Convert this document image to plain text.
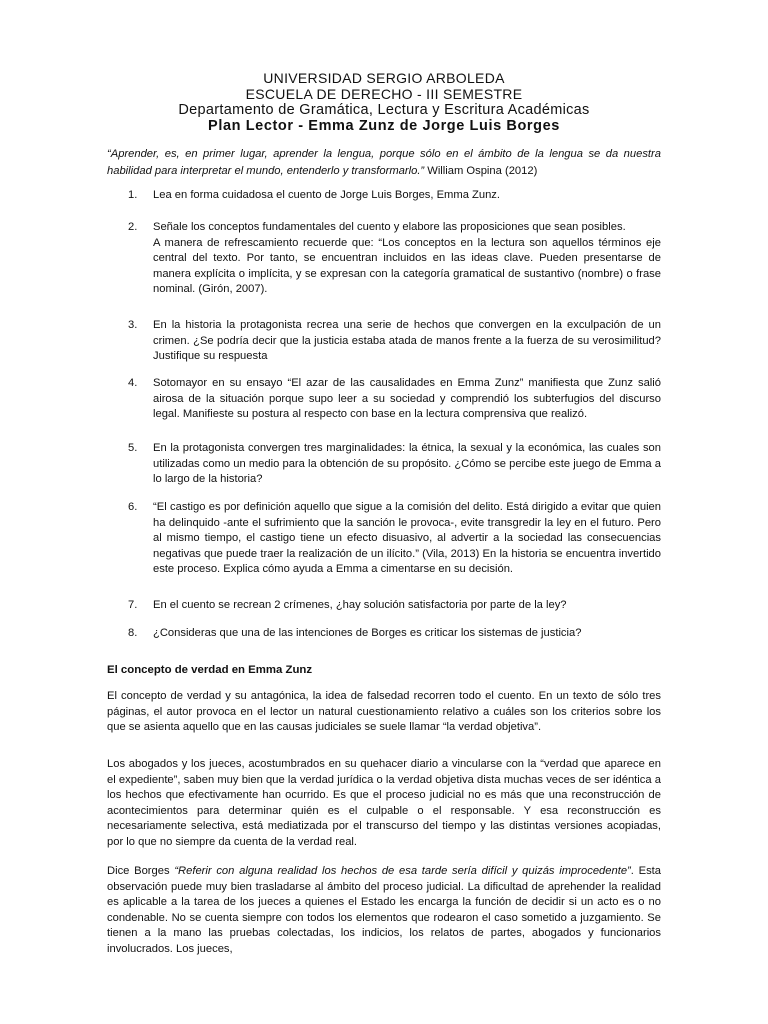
UNIVERSIDAD SERGIO ARBOLEDA
ESCUELA DE DERECHO - III SEMESTRE
Departamento de Gramática, Lectura y Escritura Académicas
Plan Lector - Emma Zunz de Jorge Luis Borges
“Aprender, es, en primer lugar, aprender la lengua, porque sólo en el ámbito de la lengua se da nuestra habilidad para interpretar el mundo, entenderlo y transformarlo.” William Ospina (2012)
1. Lea en forma cuidadosa el cuento de Jorge Luis Borges, Emma Zunz.
2. Señale los conceptos fundamentales del cuento y elabore las proposiciones que sean posibles.
A manera de refrescamiento recuerde que: “Los conceptos en la lectura son aquellos términos eje central del texto. Por tanto, se encuentran incluidos en las ideas clave. Pueden presentarse de manera explícita o implícita, y se expresan con la categoría gramatical de sustantivo (nombre) o frase nominal. (Girón, 2007).
3. En la historia la protagonista recrea una serie de hechos que convergen en la exculpación de un crimen. ¿Se podría decir que la justicia estaba atada de manos frente a la fuerza de su verosimilitud? Justifique su respuesta
4. Sotomayor en su ensayo “El azar de las causalidades en Emma Zunz” manifiesta que Zunz salió airosa de la situación porque supo leer a su sociedad y comprendió los subterfugios del discurso legal. Manifieste su postura al respecto con base en la lectura comprensiva que realizó.
5. En la protagonista convergen tres marginalidades: la étnica, la sexual y la económica, las cuales son utilizadas como un medio para la obtención de su propósito. ¿Cómo se percibe este juego de Emma a lo largo de la historia?
6. “El castigo es por definición aquello que sigue a la comisión del delito. Está dirigido a evitar que quien ha delinquido -ante el sufrimiento que la sanción le provoca-, evite transgredir la ley en el futuro. Pero al mismo tiempo, el castigo tiene un efecto disuasivo, al advertir a la sociedad las consecuencias negativas que puede traer la realización de un ilícito.” (Vila, 2013) En la historia se encuentra invertido este proceso. Explica cómo ayuda a Emma a cimentarse en su decisión.
7. En el cuento se recrean 2 crímenes, ¿hay solución satisfactoria por parte de la ley?
8. ¿Consideras que una de las intenciones de Borges es criticar los sistemas de justicia?
El concepto de verdad en Emma Zunz
El concepto de verdad y su antagónica, la idea de falsedad recorren todo el cuento. En un texto de sólo tres páginas, el autor provoca en el lector un natural cuestionamiento relativo a cuáles son los criterios sobre los que se asienta aquello que en las causas judiciales se suele llamar “la verdad objetiva”.
Los abogados y los jueces, acostumbrados en su quehacer diario a vincularse con la “verdad que aparece en el expediente”, saben muy bien que la verdad jurídica o la verdad objetiva dista muchas veces de ser idéntica a los hechos que efectivamente han ocurrido. Es que el proceso judicial no es más que una reconstrucción de acontecimientos para determinar quién es el culpable o el responsable. Y esa reconstrucción es necesariamente selectiva, está mediatizada por el transcurso del tiempo y las distintas versiones acopiadas, por lo que no siempre da cuenta de la verdad real.
Dice Borges “Referir con alguna realidad los hechos de esa tarde sería difícil y quizás improcedente”. Esta observación puede muy bien trasladarse al ámbito del proceso judicial. La dificultad de aprehender la realidad es aplicable a la tarea de los jueces a quienes el Estado les encarga la función de decidir si un acto es o no condenable. No se cuenta siempre con todos los elementos que rodearon el caso sometido a juzgamiento. Se tienen a la mano las pruebas colectadas, los indicios, los relatos de partes, abogados y funcionarios involucrados. Los jueces,
